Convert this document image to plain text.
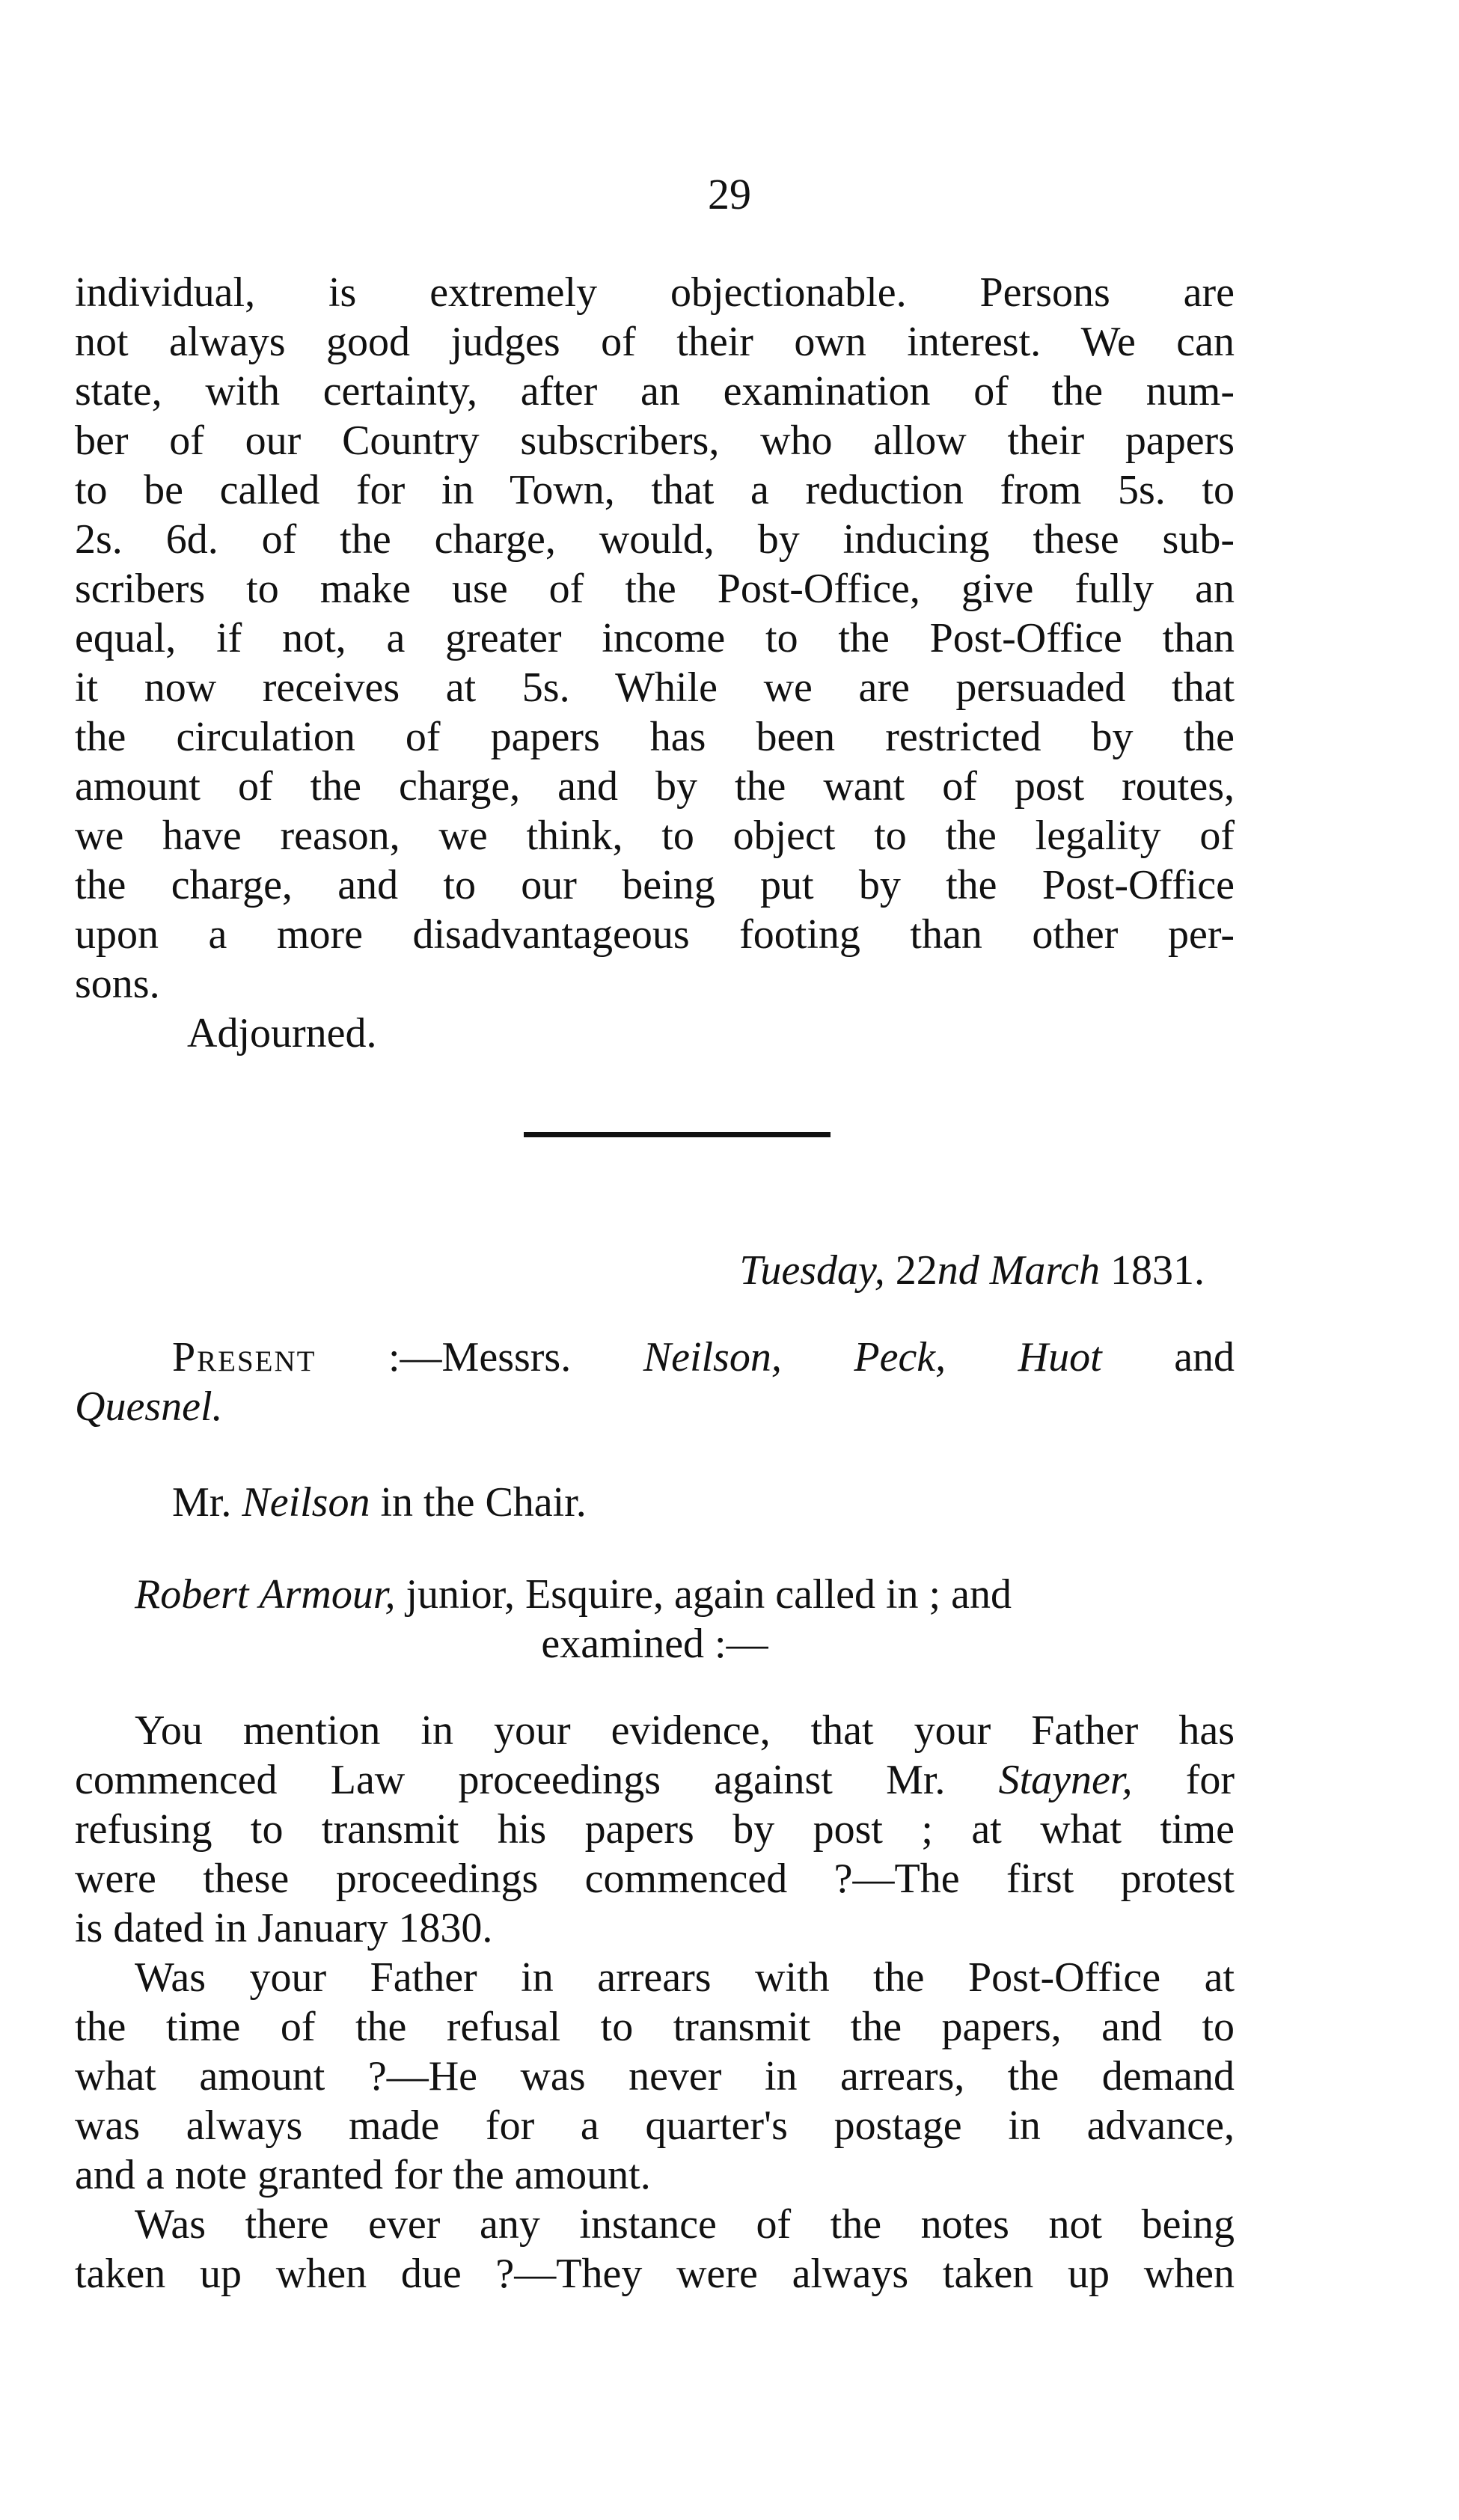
29
individual, is extremely objectionable. Persons are
not always good judges of their own interest. We can
state, with certainty, after an examination of the num-
ber of our Country subscribers, who allow their papers
to be called for in Town, that a reduction from 5s. to
2s. 6d. of the charge, would, by inducing these sub-
scribers to make use of the Post-Office, give fully an
equal, if not, a greater income to the Post-Office than
it now receives at 5s. While we are persuaded that
the circulation of papers has been restricted by the
amount of the charge, and by the want of post routes,
we have reason, we think, to object to the legality of
the charge, and to our being put by the Post-Office
upon a more disadvantageous footing than other per-
sons.
Adjourned.
Tuesday, 22nd March 1831.
Present :—Messrs. Neilson, Peck, Huot and
Quesnel.
Mr. Neilson in the Chair.
Robert Armour, junior, Esquire, again called in ; and
examined :—
You mention in your evidence, that your Father has
commenced Law proceedings against Mr. Stayner, for
refusing to transmit his papers by post ; at what time
were these proceedings commenced ?—The first protest
is dated in January 1830.
Was your Father in arrears with the Post-Office at
the time of the refusal to transmit the papers, and to
what amount ?—He was never in arrears, the demand
was always made for a quarter's postage in advance,
and a note granted for the amount.
Was there ever any instance of the notes not being
taken up when due ?—They were always taken up when
